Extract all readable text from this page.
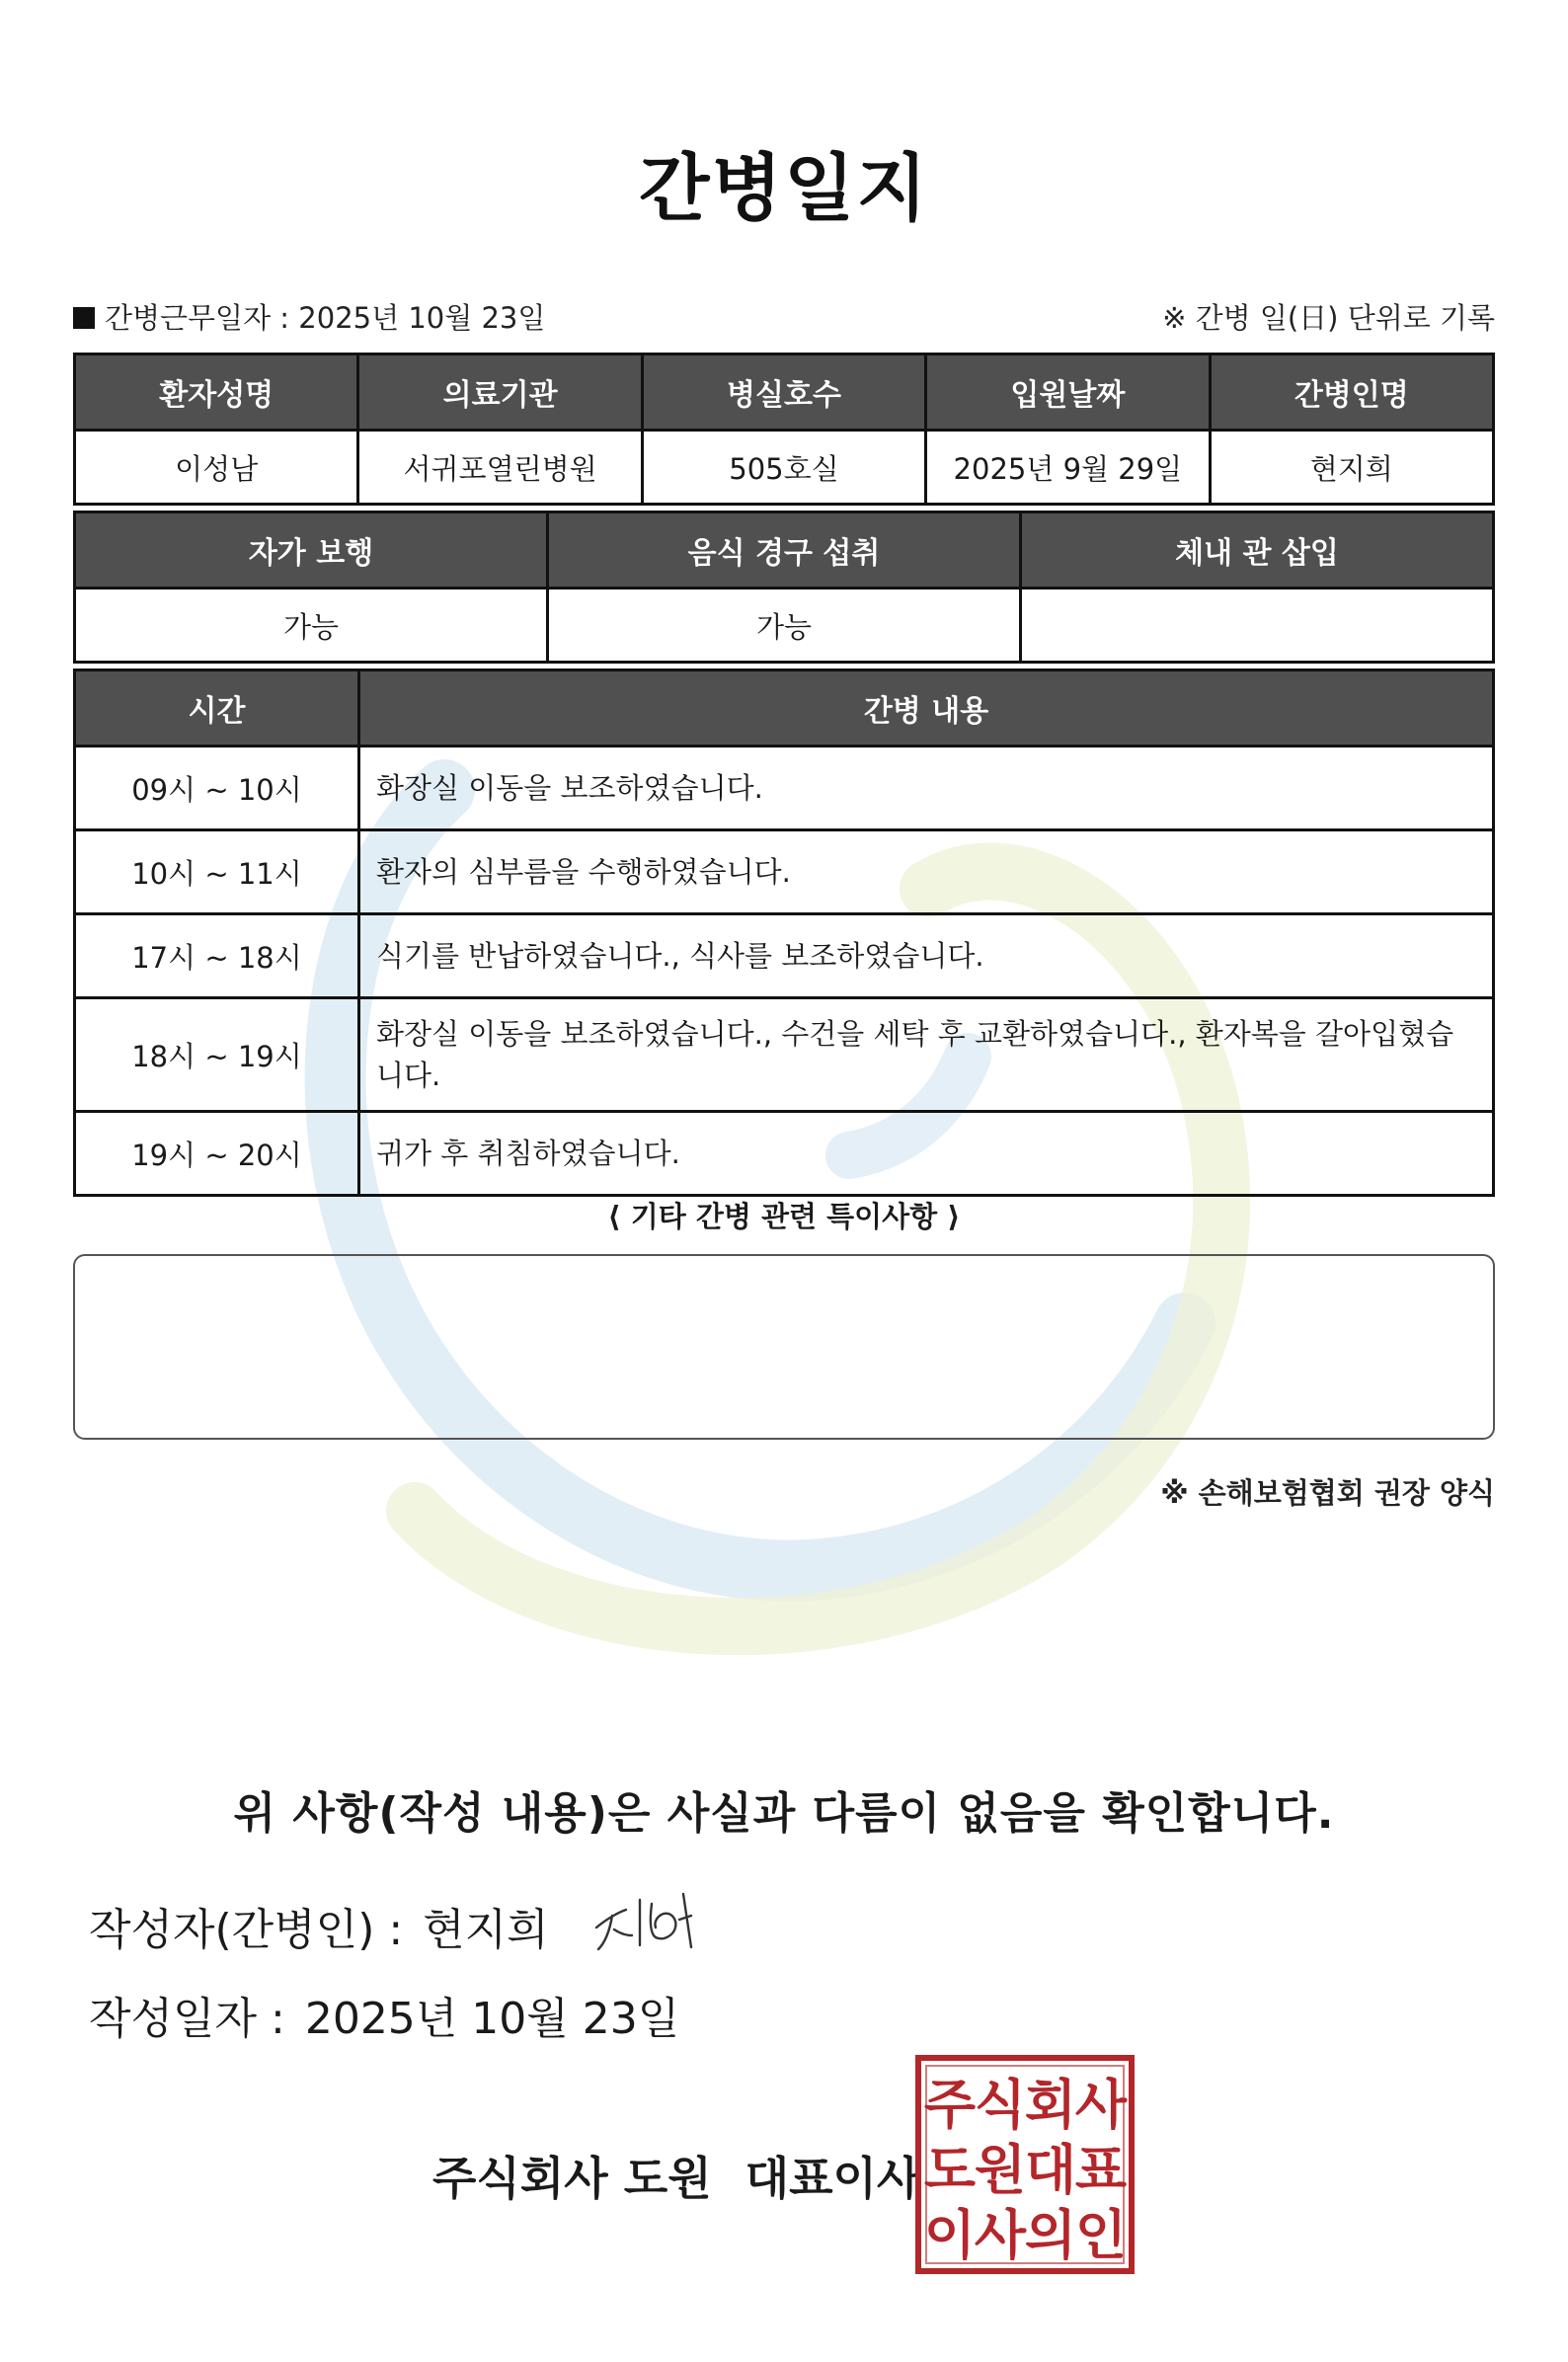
간병일지
간병근무일자 : 2025년 10월 23일	※ 간병 일(日) 단위로 기록
환자성명	의료기관	병실호수	입원날짜	간병인명
이성남	서귀포열린병원	505호실	2025년 9월 29일	현지희
자가 보행	음식 경구 섭취	체내 관 삽입
가능	가능	
시간	간병 내용
09시 ~ 10시	화장실 이동을 보조하였습니다.
10시 ~ 11시	환자의 심부름을 수행하였습니다.
17시 ~ 18시	식기를 반납하였습니다., 식사를 보조하였습니다.
18시 ~ 19시	화장실 이동을 보조하였습니다., 수건을 세탁 후 교환하였습니다., 환자복을 갈아입혔습니다.
19시 ~ 20시	귀가 후 취침하였습니다.
⟨ 기타 간병 관련 특이사항 ⟩
※ 손해보험협회 권장 양식
위 사항(작성 내용)은 사실과 다름이 없음을 확인합니다.
작성자(간병인) : 현지희
작성일자 : 2025년 10월 23일
주식회사 도원 대표이사
주
식
회
사
도
원
대
표
이
사
의
인
